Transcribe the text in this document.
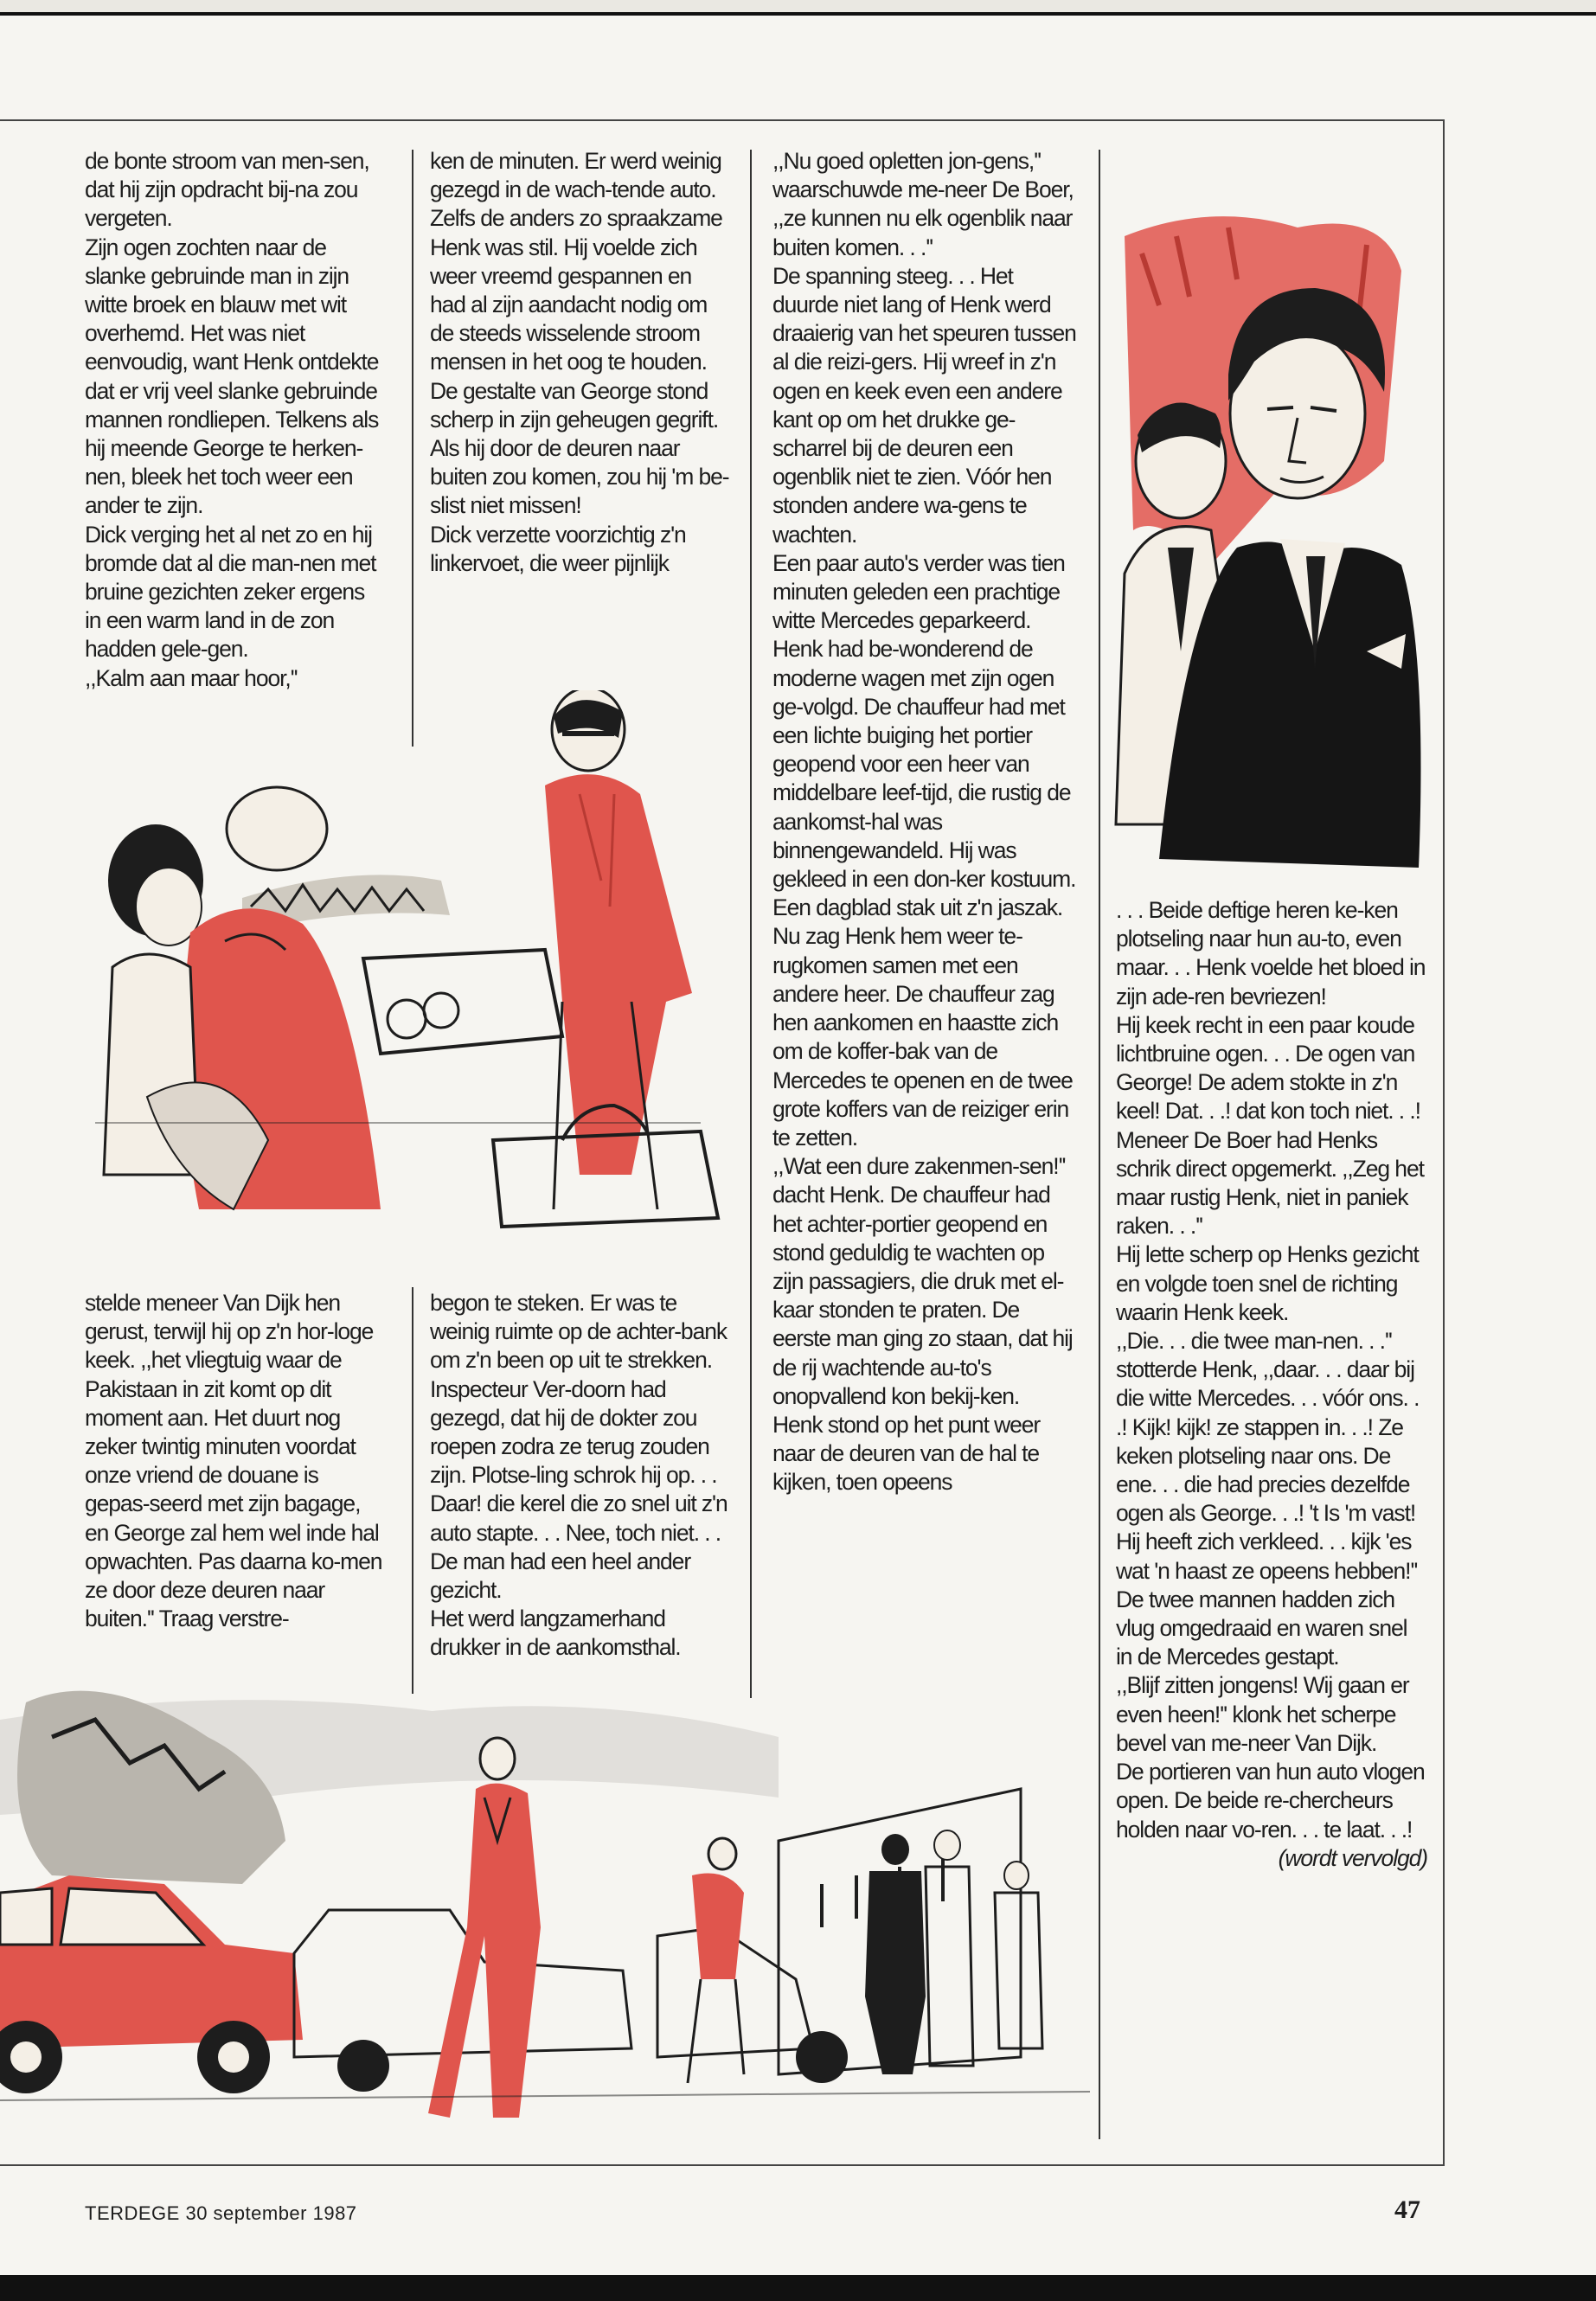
de bonte stroom van men-sen, dat hij zijn opdracht bij-na zou vergeten.

Zijn ogen zochten naar de slanke gebruinde man in zijn witte broek en blauw met wit overhemd. Het was niet eenvoudig, want Henk ontdekte dat er vrij veel slanke gebruinde mannen rondliepen. Telkens als hij meende George te herken-nen, bleek het toch weer een ander te zijn.

Dick verging het al net zo en hij bromde dat al die man-nen met bruine gezichten zeker ergens in een warm land in de zon hadden gele-gen.

,,Kalm aan maar hoor,''

ken de minuten. Er werd weinig gezegd in de wach-tende auto. Zelfs de anders zo spraakzame Henk was stil. Hij voelde zich weer vreemd gespannen en had al zijn aandacht nodig om de steeds wisselende stroom mensen in het oog te houden. De gestalte van George stond scherp in zijn geheugen gegrift. Als hij door de deuren naar buiten zou komen, zou hij 'm be-slist niet missen!

Dick verzette voorzichtig z'n linkervoet, die weer pijnlijk

,,Nu goed opletten jon-gens,'' waarschuwde me-neer De Boer, ,,ze kunnen nu elk ogenblik naar buiten komen. . .''

De spanning steeg. . . Het duurde niet lang of Henk werd draaierig van het speuren tussen al die reizi-gers. Hij wreef in z'n ogen en keek even een andere kant op om het drukke ge-scharrel bij de deuren een ogenblik niet te zien. Vóór hen stonden andere wa-gens te wachten.

Een paar auto's verder was tien minuten geleden een prachtige witte Mercedes geparkeerd. Henk had be-wonderend de moderne wagen met zijn ogen ge-volgd. De chauffeur had met een lichte buiging het portier geopend voor een heer van middelbare leef-tijd, die rustig de aankomst-hal was binnengewandeld. Hij was gekleed in een don-ker kostuum. Een dagblad stak uit z'n jaszak.

Nu zag Henk hem weer te-rugkomen samen met een andere heer. De chauffeur zag hen aankomen en haastte zich om de koffer-bak van de Mercedes te openen en de twee grote koffers van de reiziger erin te zetten.

,,Wat een dure zakenmen-sen!'' dacht Henk. De chauffeur had het achter-portier geopend en stond geduldig te wachten op zijn passagiers, die druk met el-kaar stonden te praten. De eerste man ging zo staan, dat hij de rij wachtende au-to's onopvallend kon bekij-ken.

Henk stond op het punt weer naar de deuren van de hal te kijken, toen opeens

stelde meneer Van Dijk hen gerust, terwijl hij op z'n hor-loge keek. ,,het vliegtuig waar de Pakistaan in zit komt op dit moment aan. Het duurt nog zeker twintig minuten voordat onze vriend de douane is gepas-seerd met zijn bagage, en George zal hem wel inde hal opwachten. Pas daarna ko-men ze door deze deuren naar buiten.'' Traag verstre-

begon te steken. Er was te weinig ruimte op de achter-bank om z'n been op uit te strekken. Inspecteur Ver-doorn had gezegd, dat hij de dokter zou roepen zodra ze terug zouden zijn. Plotse-ling schrok hij op. . . Daar! die kerel die zo snel uit z'n auto stapte. . . Nee, toch niet. . . De man had een heel ander gezicht.

Het werd langzamerhand drukker in de aankomsthal.

. . . Beide deftige heren ke-ken plotseling naar hun au-to, even maar. . . Henk voelde het bloed in zijn ade-ren bevriezen!

Hij keek recht in een paar koude lichtbruine ogen. . . De ogen van George! De adem stokte in z'n keel! Dat. . .! dat kon toch niet. . .!

Meneer De Boer had Henks schrik direct opgemerkt. ,,Zeg het maar rustig Henk, niet in paniek raken. . .''

Hij lette scherp op Henks gezicht en volgde toen snel de richting waarin Henk keek.

,,Die. . . die twee man-nen. . .'' stotterde Henk, ,,daar. . . daar bij die witte Mercedes. . . vóór ons. . .! Kijk! kijk! ze stappen in. . .! Ze keken plotseling naar ons. De ene. . . die had precies dezelfde ogen als George. . .! 't Is 'm vast! Hij heeft zich verkleed. . . kijk 'es wat 'n haast ze opeens hebben!''

De twee mannen hadden zich vlug omgedraaid en waren snel in de Mercedes gestapt.

,,Blijf zitten jongens! Wij gaan er even heen!'' klonk het scherpe bevel van me-neer Van Dijk.

De portieren van hun auto vlogen open. De beide re-chercheurs holden naar vo-ren. . . te laat. . .!

(wordt vervolgd)
TERDEGE 30 september 1987	47
